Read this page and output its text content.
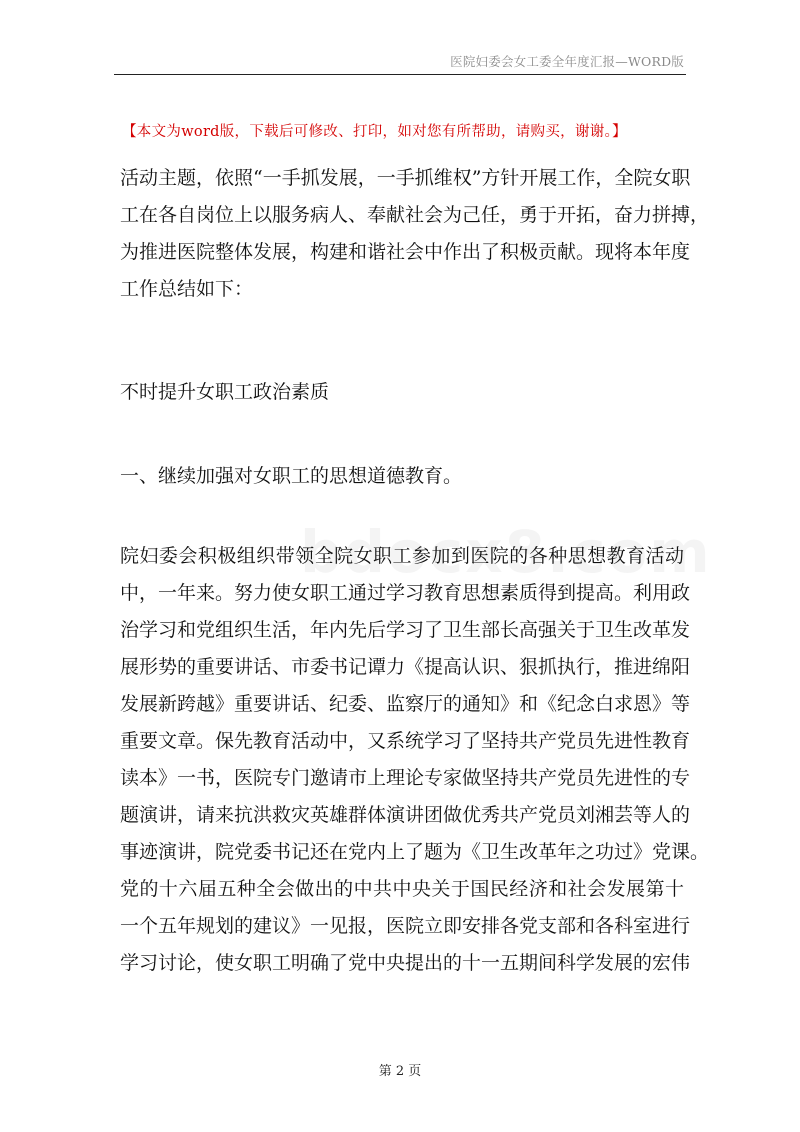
医院妇委会女工委全年度汇报—WORD版
【本文为word版，下载后可修改、打印，如对您有所帮助，请购买，谢谢。】
活动主题，依照“一手抓发展，一手抓维权”方针开展工作，全院女职
工在各自岗位上以服务病人、奉献社会为己任，勇于开拓，奋力拼搏，
为推进医院整体发展，构建和谐社会中作出了积极贡献。现将本年度
工作总结如下：
不时提升女职工政治素质
一、继续加强对女职工的思想道德教育。
院妇委会积极组织带领全院女职工参加到医院的各种思想教育活动
中，一年来。努力使女职工通过学习教育思想素质得到提高。利用政
治学习和党组织生活，年内先后学习了卫生部长高强关于卫生改革发
展形势的重要讲话、市委书记谭力《提高认识、狠抓执行，推进绵阳
发展新跨越》重要讲话、纪委、监察厅的通知》和《纪念白求恩》等
重要文章。保先教育活动中，又系统学习了坚持共产党员先进性教育
读本》一书，医院专门邀请市上理论专家做坚持共产党员先进性的专
题演讲，请来抗洪救灾英雄群体演讲团做优秀共产党员刘湘芸等人的
事迹演讲，院党委书记还在党内上了题为《卫生改革年之功过》党课。
党的十六届五种全会做出的中共中央关于国民经济和社会发展第十
一个五年规划的建议》一见报，医院立即安排各党支部和各科室进行
学习讨论，使女职工明确了党中央提出的十一五期间科学发展的宏伟
第 2 页
